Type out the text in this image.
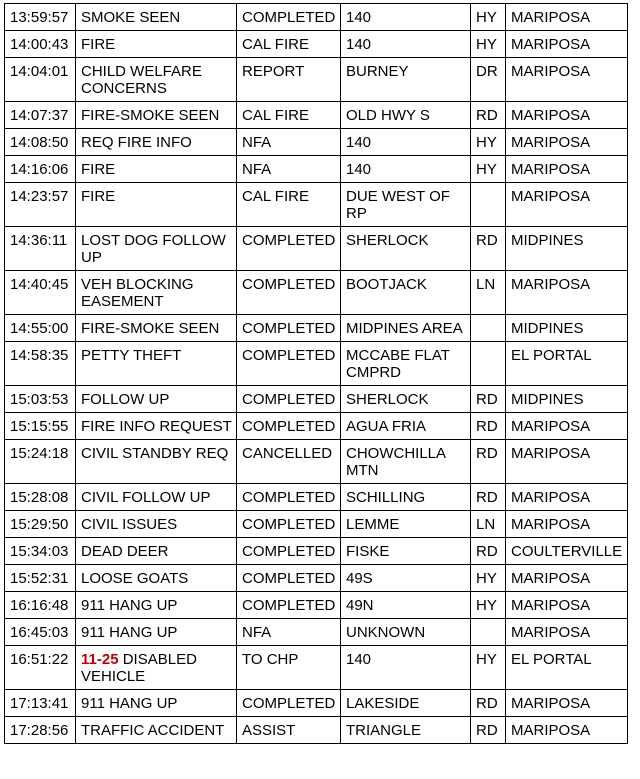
13:59:57	SMOKE SEEN	COMPLETED	140	HY	MARIPOSA
14:00:43	FIRE	CAL FIRE	140	HY	MARIPOSA
14:04:01	CHILD WELFARE CONCERNS	REPORT	BURNEY	DR	MARIPOSA
14:07:37	FIRE-SMOKE SEEN	CAL FIRE	OLD HWY S	RD	MARIPOSA
14:08:50	REQ FIRE INFO	NFA	140	HY	MARIPOSA
14:16:06	FIRE	NFA	140	HY	MARIPOSA
14:23:57	FIRE	CAL FIRE	DUE WEST OF RP		MARIPOSA
14:36:11	LOST DOG FOLLOW UP	COMPLETED	SHERLOCK	RD	MIDPINES
14:40:45	VEH BLOCKING EASEMENT	COMPLETED	BOOTJACK	LN	MARIPOSA
14:55:00	FIRE-SMOKE SEEN	COMPLETED	MIDPINES AREA		MIDPINES
14:58:35	PETTY THEFT	COMPLETED	MCCABE FLAT CMPRD		EL PORTAL
15:03:53	FOLLOW UP	COMPLETED	SHERLOCK	RD	MIDPINES
15:15:55	FIRE INFO REQUEST	COMPLETED	AGUA FRIA	RD	MARIPOSA
15:24:18	CIVIL STANDBY REQ	CANCELLED	CHOWCHILLA MTN	RD	MARIPOSA
15:28:08	CIVIL FOLLOW UP	COMPLETED	SCHILLING	RD	MARIPOSA
15:29:50	CIVIL ISSUES	COMPLETED	LEMME	LN	MARIPOSA
15:34:03	DEAD DEER	COMPLETED	FISKE	RD	COULTERVILLE
15:52:31	LOOSE GOATS	COMPLETED	49S	HY	MARIPOSA
16:16:48	911 HANG UP	COMPLETED	49N	HY	MARIPOSA
16:45:03	911 HANG UP	NFA	UNKNOWN		MARIPOSA
16:51:22	11-25 DISABLED VEHICLE	TO CHP	140	HY	EL PORTAL
17:13:41	911 HANG UP	COMPLETED	LAKESIDE	RD	MARIPOSA
17:28:56	TRAFFIC ACCIDENT	ASSIST	TRIANGLE	RD	MARIPOSA
